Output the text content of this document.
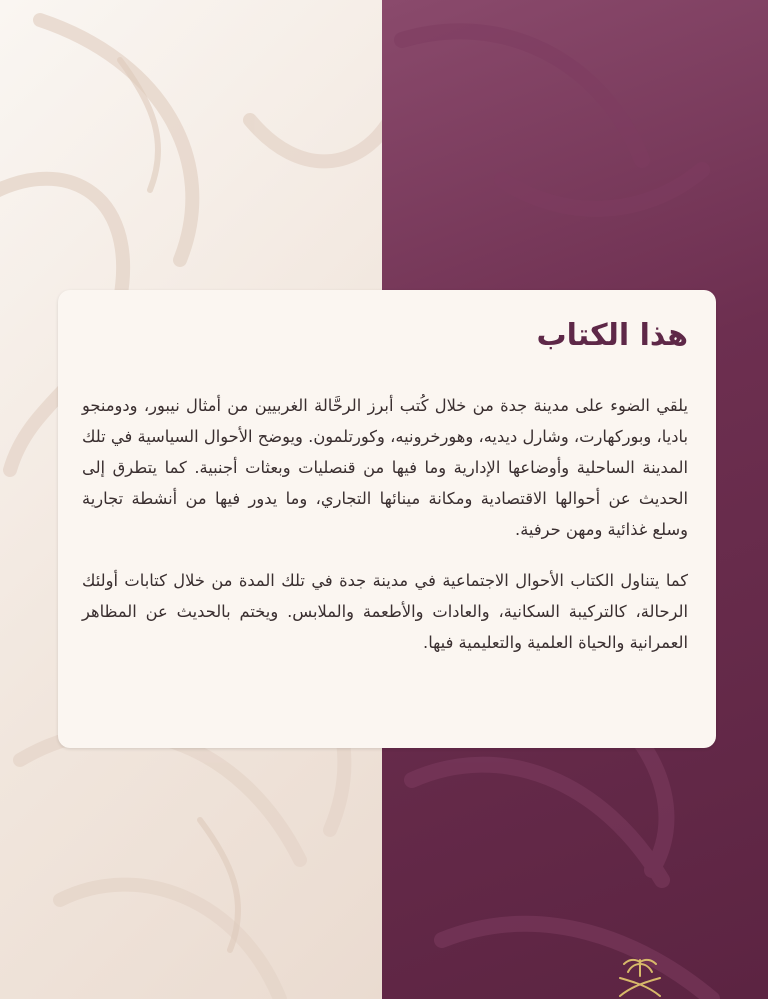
هذا الكتاب

يلقي الضوء على مدينة جدة من خلال كُتب أبرز الرحَّالة الغربيين من أمثال نيبور، ودومنجو باديا، وبوركهارت، وشارل ديديه، وهورخرونيه، وكورتلمون. ويوضح الأحوال السياسية في تلك المدينة الساحلية وأوضاعها الإدارية وما فيها من قنصليات وبعثات أجنبية. كما يتطرق إلى الحديث عن أحوالها الاقتصادية ومكانة مينائها التجاري، وما يدور فيها من أنشطة تجارية وسلع غذائية ومهن حرفية.

كما يتناول الكتاب الأحوال الاجتماعية في مدينة جدة في تلك المدة من خلال كتابات أولئك الرحالة، كالتركيبة السكانية، والعادات والأطعمة والملابس. ويختم بالحديث عن المظاهر العمرانية والحياة العلمية والتعليمية فيها.
